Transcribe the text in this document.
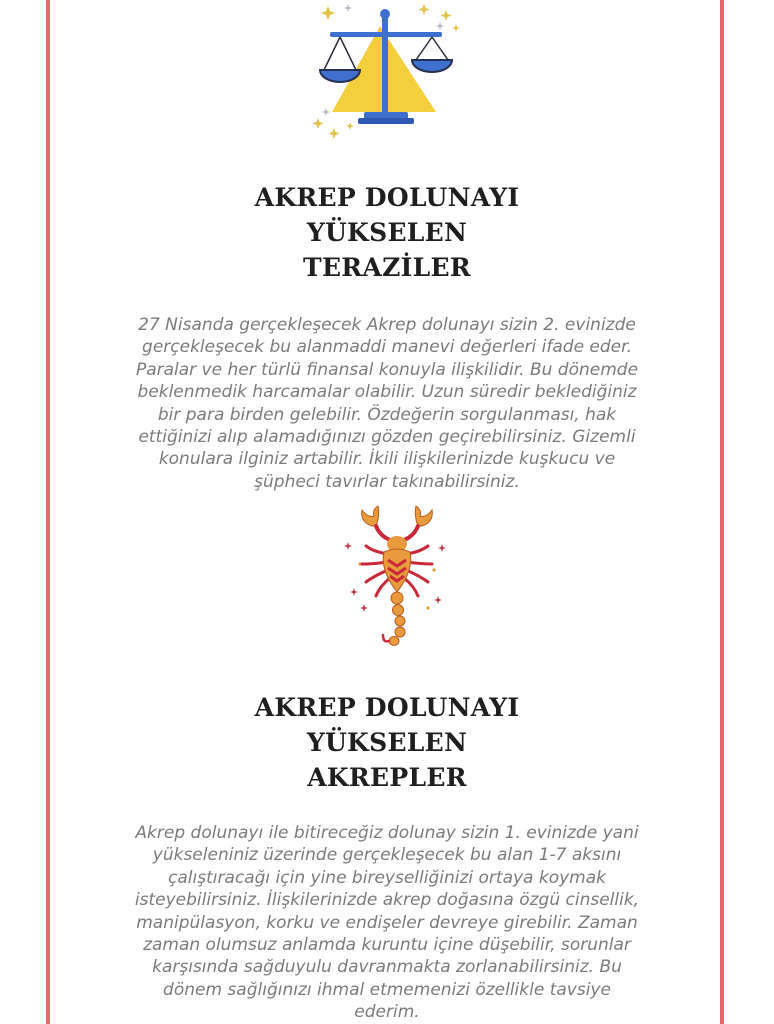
AKREP DOLUNAYI
YÜKSELEN
TERAZİLER
27 Nisanda gerçekleşecek Akrep dolunayı sizin 2. evinizde
gerçekleşecek bu alanmaddi manevi değerleri ifade eder.
Paralar ve her türlü finansal konuyla ilişkilidir. Bu dönemde
beklenmedik harcamalar olabilir. Uzun süredir beklediğiniz
bir para birden gelebilir. Özdeğerin sorgulanması, hak
ettiğinizi alıp alamadığınızı gözden geçirebilirsiniz. Gizemli
konulara ilginiz artabilir. İkili ilişkilerinizde kuşkucu ve
şüpheci tavırlar takınabilirsiniz.
AKREP DOLUNAYI
YÜKSELEN
AKREPLER
Akrep dolunayı ile bitireceğiz dolunay sizin 1. evinizde yani
yükseleniniz üzerinde gerçekleşecek bu alan 1-7 aksını
çalıştıracağı için yine bireyselliğinizi ortaya koymak
isteyebilirsiniz. İlişkilerinizde akrep doğasına özgü cinsellik,
manipülasyon, korku ve endişeler devreye girebilir. Zaman
zaman olumsuz anlamda kuruntu içine düşebilir, sorunlar
karşısında sağduyulu davranmakta zorlanabilirsiniz. Bu
dönem sağlığınızı ihmal etmemenizi özellikle tavsiye
ederim.
